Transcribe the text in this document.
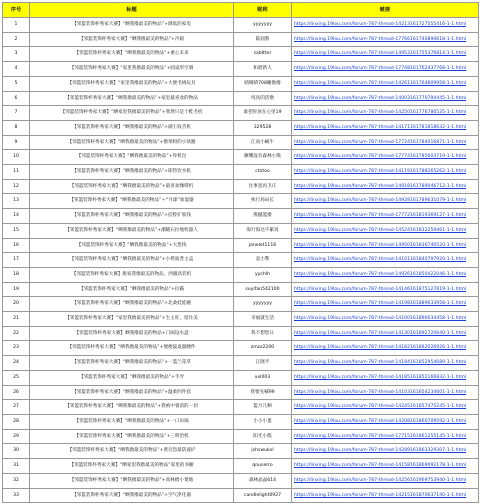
序号	标题	昵称	链接
1	【邻篮装饰杯秀家大赛】“晒我撸最美的物品”+降低的家电	yyyyyyy	https://linxing.19lou.com/forum-787-thread-14213161727555416-1-1.html
2	【邻篮装饰杯秀家大赛】“晒我撸最美的物品”+冷箱	陆润蓉	https://linxing.19lou.com/forum-787-thread-17766161740890618-1-1.html
3	【邻篮装饰杯秀家大赛】“晒我撸最美的物品”+重心未来	sabltter	https://linxing.19lou.com/forum-787-thread-14953161755376814-1-1.html
4	【邻篮装饰杯秀家大赛】“家里我撸最美的物品”+圆桌形空调	和谐新人	https://linxing.19lou.com/forum-787-thread-17748161762437768-1-1.html
5	【邻篮装饰杯秀家大赛】“家里我撸最美的物品”+大便毛绒玩具	晴晴晴708睡撸撸	https://linxing.19lou.com/forum-787-thread-14261161764809958-1-1.html
6	【邻篮装饰杯秀家大赛】“晒我撸最美的物品”+家里最喜欢的物品	纯真的活撸	https://linxing.19lou.com/forum-787-thread-14003161770794445-1-1.html
7	【邻篮装饰杯秀家大赛】“晒家里我撸最美的物品”+我然只是个鞋毛机	谁把你放在心里19	https://linxing.19lou.com/forum-787-thread-14250161776786535-1-1.html
8	【邻篮装饰杯秀家大赛】“晒我撸最美的物品”+湖王收音机	329528	https://linxing.19lou.com/forum-787-thread-14171161781818632-1-1.html
9	【邻篮装饰杯秀家大赛】“晒我撸最美的物品”+撸果粉的小伙籍	江南小蜗牛	https://linxing.19lou.com/forum-787-thread-17724161784016871-1-1.html
10	【邻篮装饰杯秀家大赛】“晒我撸最美的物品”+拜机包	撅嘴没有森林小熊	https://linxing.19lou.com/forum-787-thread-17774161785603719-1-1.html
11	【邻篮装饰杯秀家大赛】“晒我撸最美的物品”+即热饮水机	ctotoo	https://linxing.19lou.com/forum-787-thread-14119161788265262-1-1.html
12	【邻篮装饰杯秀家大赛】“晒我撸最美的物品”+最喜欢咖啡机	往事意再卫庄	https://linxing.19lou.com/forum-787-thread-14918161789046712-1-1.html
13	【邻篮装饰杯秀家大赛】“晒我撸最美的物品”＋“月球”加湿器	执行局局长	https://linxing.19lou.com/forum-787-thread-14928161789631079-1-1.html
14	【邻篮装饰杯秀家大赛】“晒我撸最美的物品”+挂脖扩收钱	熊撼篮撸	https://linxing.19lou.com/forum-787-thread-17772161819369127-1-1.html
15	【邻篮装饰杯秀家大赛】“晒我撸最美的物品”+潮暖石拉地机器人	海行海达不累说	https://linxing.19lou.com/forum-787-thread-14524161832259461-1-1.html
16	【邻篮装饰杯秀家大赛】“晒我撸最美的物品”+大葱钱	janelet1116	https://linxing.19lou.com/forum-787-thread-14950161836740520-1-1.html
17	【邻篮装饰杯秀家大赛】“晒我撸最美的物品”+小烤面煮主盒	袁小擎	https://linxing.19lou.com/forum-787-thread-14101161840797920-1-1.html
18	【邻篮装饰杯秀家大赛】挑家我撸最美的物品，西服高装机	yychlh	https://linxing.19lou.com/forum-787-thread-14926161850422046-1-1.html
19	【邻篮装饰杯秀家大赛】“晒我撸最美的物品”+拉霸	suyifan542100	https://linxing.19lou.com/forum-787-thread-14146161875127819-1-1.html
20	【邻篮装饰杯秀家大赛】“晒我撸最美的物品”+北桑娃娃碗	yyyyyyy	https://linxing.19lou.com/forum-787-thread-14198161889633958-1-1.html
21	【邻篮装饰杯秀家大赛】“家里我撸最美的物品”+生主旺，留住美	幸福就生活	https://linxing.19lou.com/forum-787-thread-14100161890034458-1-1.html
22	【邻篮装饰杯秀家大赛】晒我撸最美的物品+门闹设水盘	我不想您日	https://linxing.19lou.com/forum-787-thread-14130161892720640-1-1.html
23	【邻篮装饰杯秀家大赛】“晒我撸最美的物品”+便便镜桌器腰件	zmzz2200	https://linxing.19lou.com/forum-787-thread-14182161892026926-1-1.html
24	【邻篮装饰杯秀家大赛】“晒我撸最美的物品”+一篮兰花草	江晓平	https://linxing.19lou.com/forum-787-thread-14184161852954689-1-1.html
25	【邻篮装饰杯秀家大赛】“晒我撸最美的物品”+手弄	xxl003	https://linxing.19lou.com/forum-787-thread-14185161852166832-1-1.html
26	【邻篮装饰杯秀家大赛】“晒我撸最美的物品”+温柔四件套	我要先喊99	https://linxing.19lou.com/forum-787-thread-14103161854234601-1-1.html
27	【邻篮装饰杯秀家大赛】“晒我撸最美的物品”+我被中暑前的一切	篮月儿啊	https://linxing.19lou.com/forum-787-thread-14245161857475245-1-1.html
28	【邻篮装饰杯秀家大赛】“晒我撸最美的物品”+一口吊锅	小小小蛋	https://linxing.19lou.com/forum-787-thread-14208161860709592-1-1.html
29	【邻篮装饰杯秀家大赛】“晒我撸最美的物品”+三明治机	阳光小熊	https://linxing.19lou.com/forum-787-thread-17715161861255145-1-1.html
30	【邻篮装饰杯秀家大赛】“晒我撸最美的物品”+黄百恐最防波护	jshswukxl	https://linxing.19lou.com/forum-787-thread-14289161863329307-1-1.html
31	【邻篮装饰杯秀家大赛】“晒家里我撸最美的物品”家里的书橱	qnuserro	https://linxing.19lou.com/forum-787-thread-14158161869092178-1-1.html
32	【邻篮装饰杯秀家大赛】“晒我撸最美的物品”+高林撸小菜地	森林晶晶614	https://linxing.19lou.com/forum-787-thread-14256161969753940-1-1.html
33	【邻篮装饰杯秀家大赛】“晒我撸最美的物品”+空气净化器	candlelight0927	https://linxing.19lou.com/forum-787-thread-14215161870637140-1-1.html
